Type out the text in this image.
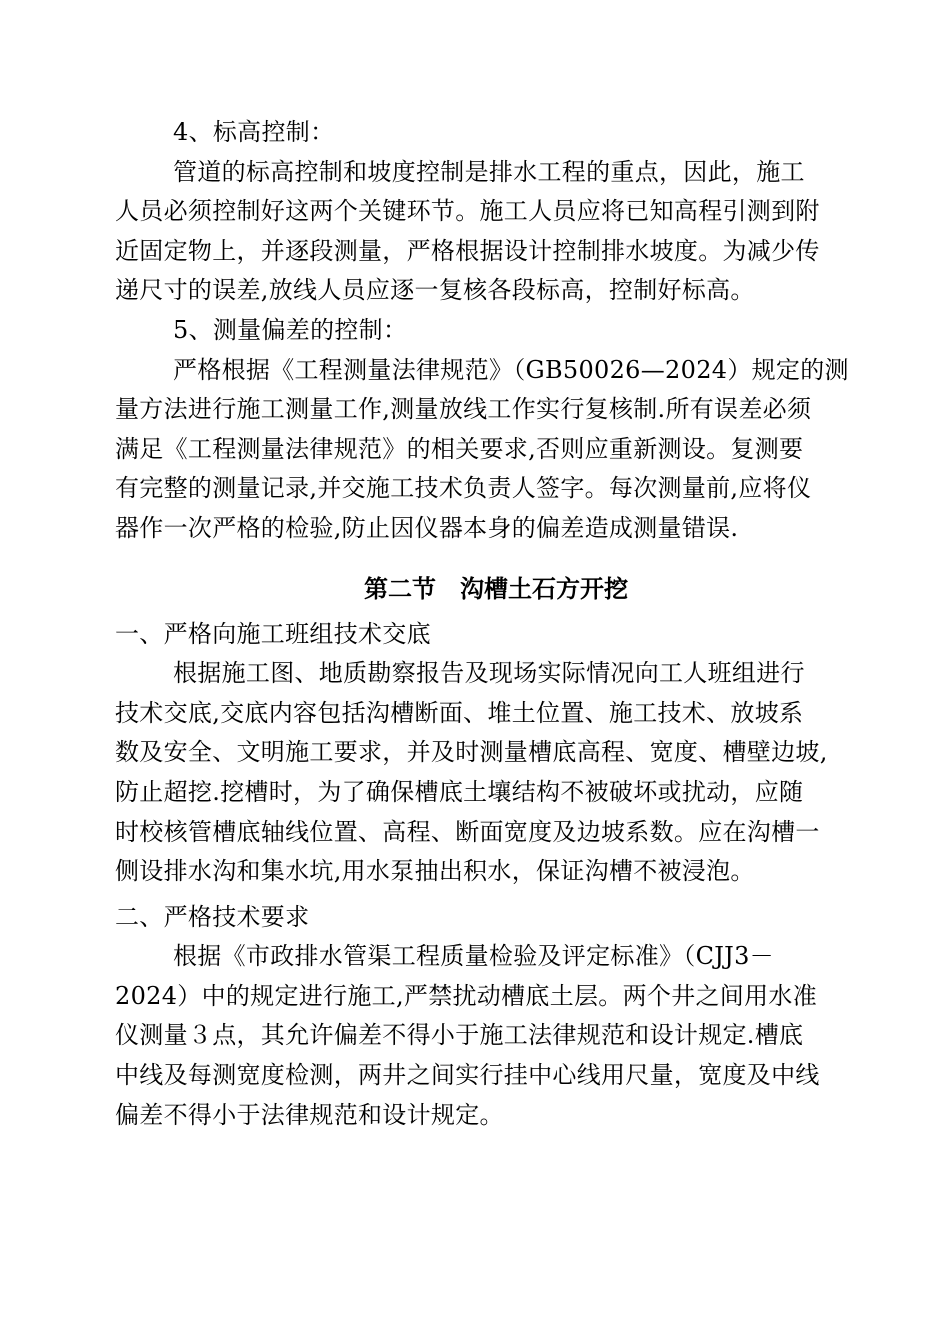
4、标高控制：
管道的标高控制和坡度控制是排水工程的重点，因此，施工
人员必须控制好这两个关键环节。施工人员应将已知高程引测到附
近固定物上，并逐段测量，严格根据设计控制排水坡度。为减少传
递尺寸的误差,放线人员应逐一复核各段标高，控制好标高。
5、测量偏差的控制：
严格根据《工程测量法律规范》（GB50026—2024）规定的测
量方法进行施工测量工作,测量放线工作实行复核制.所有误差必须
满足《工程测量法律规范》的相关要求,否则应重新测设。复测要
有完整的测量记录,并交施工技术负责人签字。每次测量前,应将仪
器作一次严格的检验,防止因仪器本身的偏差造成测量错误.
第二节　沟槽土石方开挖
一、严格向施工班组技术交底
根据施工图、地质勘察报告及现场实际情况向工人班组进行
技术交底,交底内容包括沟槽断面、堆土位置、施工技术、放坡系
数及安全、文明施工要求，并及时测量槽底高程、宽度、槽壁边坡,
防止超挖.挖槽时，为了确保槽底土壤结构不被破坏或扰动，应随
时校核管槽底轴线位置、高程、断面宽度及边坡系数。应在沟槽一
侧设排水沟和集水坑,用水泵抽出积水，保证沟槽不被浸泡。
二、严格技术要求
根据《市政排水管渠工程质量检验及评定标准》（CJJ3－
2024）中的规定进行施工,严禁扰动槽底土层。两个井之间用水准
仪测量３点，其允许偏差不得小于施工法律规范和设计规定.槽底
中线及每测宽度检测，两井之间实行挂中心线用尺量，宽度及中线
偏差不得小于法律规范和设计规定。
